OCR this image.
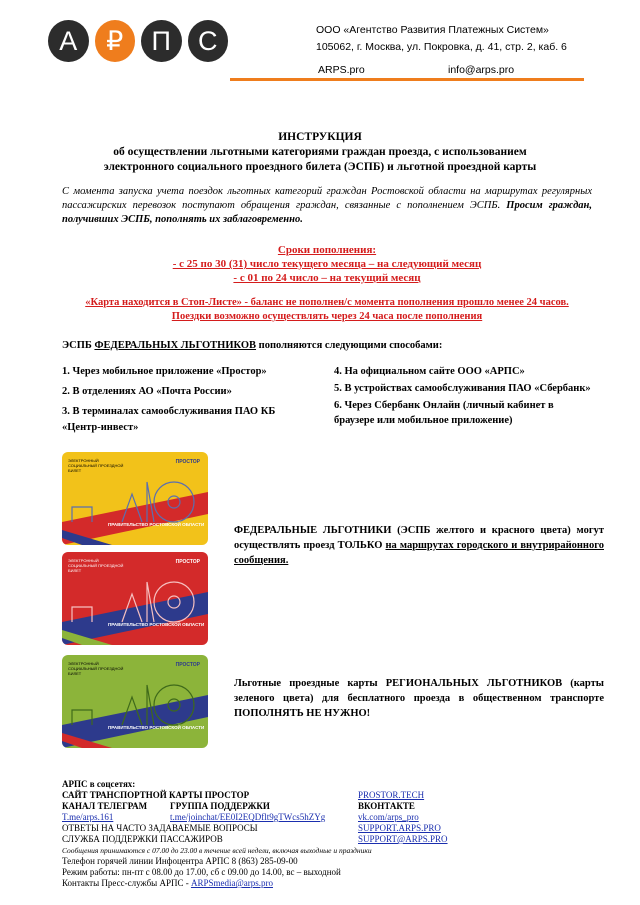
А	₽	П	С	ООО «Агентство Развития Платежных Систем»
105062, г. Москва, ул. Покровка, д. 41, стр. 2, каб. 6
ARPS.pro	info@arps.pro
ИНСТРУКЦИЯ
об осуществлении льготными категориями граждан проезда, с использованием
электронного социального проездного билета (ЭСПБ) и льготной проездной карты
С момента запуска учета поездок льготных категорий граждан Ростовской области на маршрутах регулярных пассажирских перевозок поступают обращения граждан, связанные с пополнением ЭСПБ. Просим граждан, получивших ЭСПБ, пополнять их заблаговременно.
Сроки пополнения:
- с 25 по 30 (31) число текущего месяца – на следующий месяц
- с 01 по 24 число – на текущий месяц
«Карта находится в Стоп-Листе» - баланс не пополнен/с момента пополнения прошло менее 24 часов.
Поездки возможно осуществлять через 24 часа после пополнения
ЭСПБ ФЕДЕРАЛЬНЫХ ЛЬГОТНИКОВ пополняются следующими способами:
1. Через мобильное приложение «Простор»
2. В отделениях АО «Почта России»
3. В терминалах самообслуживания ПАО КБ «Центр-инвест»
4. На официальном сайте ООО «АРПС»
5. В устройствах самообслуживания ПАО «Сбербанк»
6. Через Сбербанк Онлайн (личный кабинет в браузере или мобильное приложение)
ЭЛЕКТРОННЫЙ СОЦИАЛЬНЫЙ ПРОЕЗДНОЙ БИЛЕТ
ПРОСТОР
ПРАВИТЕЛЬСТВО РОСТОВСКОЙ ОБЛАСТИ
ЭЛЕКТРОННЫЙ СОЦИАЛЬНЫЙ ПРОЕЗДНОЙ БИЛЕТ
ПРОСТОР
ПРАВИТЕЛЬСТВО РОСТОВСКОЙ ОБЛАСТИ
ЭЛЕКТРОННЫЙ СОЦИАЛЬНЫЙ ПРОЕЗДНОЙ БИЛЕТ
ПРОСТОР
ПРАВИТЕЛЬСТВО РОСТОВСКОЙ ОБЛАСТИ
ФЕДЕРАЛЬНЫЕ ЛЬГОТНИКИ (ЭСПБ желтого и красного цвета) могут осуществлять проезд ТОЛЬКО на маршрутах городского и внутрирайонного сообщения.
Льготные проездные карты РЕГИОНАЛЬНЫХ ЛЬГОТНИКОВ (карты зеленого цвета) для бесплатного проезда в общественном транспорте ПОПОЛНЯТЬ НЕ НУЖНО!
АРПС в соцсетях:
САЙТ ТРАНСПОРТНОЙ КАРТЫ ПРОСТОР	PROSTOR.TECH
КАНАЛ ТЕЛЕГРАМ	ГРУППА ПОДДЕРЖКИ	ВКОНТАКТЕ
T.me/arps.161	t.me/joinchat/EE0I2EQDflt9gTWcs5hZYg	vk.com/arps_pro
ОТВЕТЫ НА ЧАСТО ЗАДАВАЕМЫЕ ВОПРОСЫ	SUPPORT.ARPS.PRO
СЛУЖБА ПОДДЕРЖКИ ПАССАЖИРОВ	SUPPORT@ARPS.PRO
Сообщения принимаются с 07.00 до 23.00 в течение всей недели, включая выходные и праздники
Телефон горячей линии Инфоцентра АРПС 8 (863) 285-09-00
Режим работы: пн-пт с 08.00 до 17.00, сб с 09.00 до 14.00, вс – выходной
Контакты Пресс-службы АРПС - ARPSmedia@arps.pro
